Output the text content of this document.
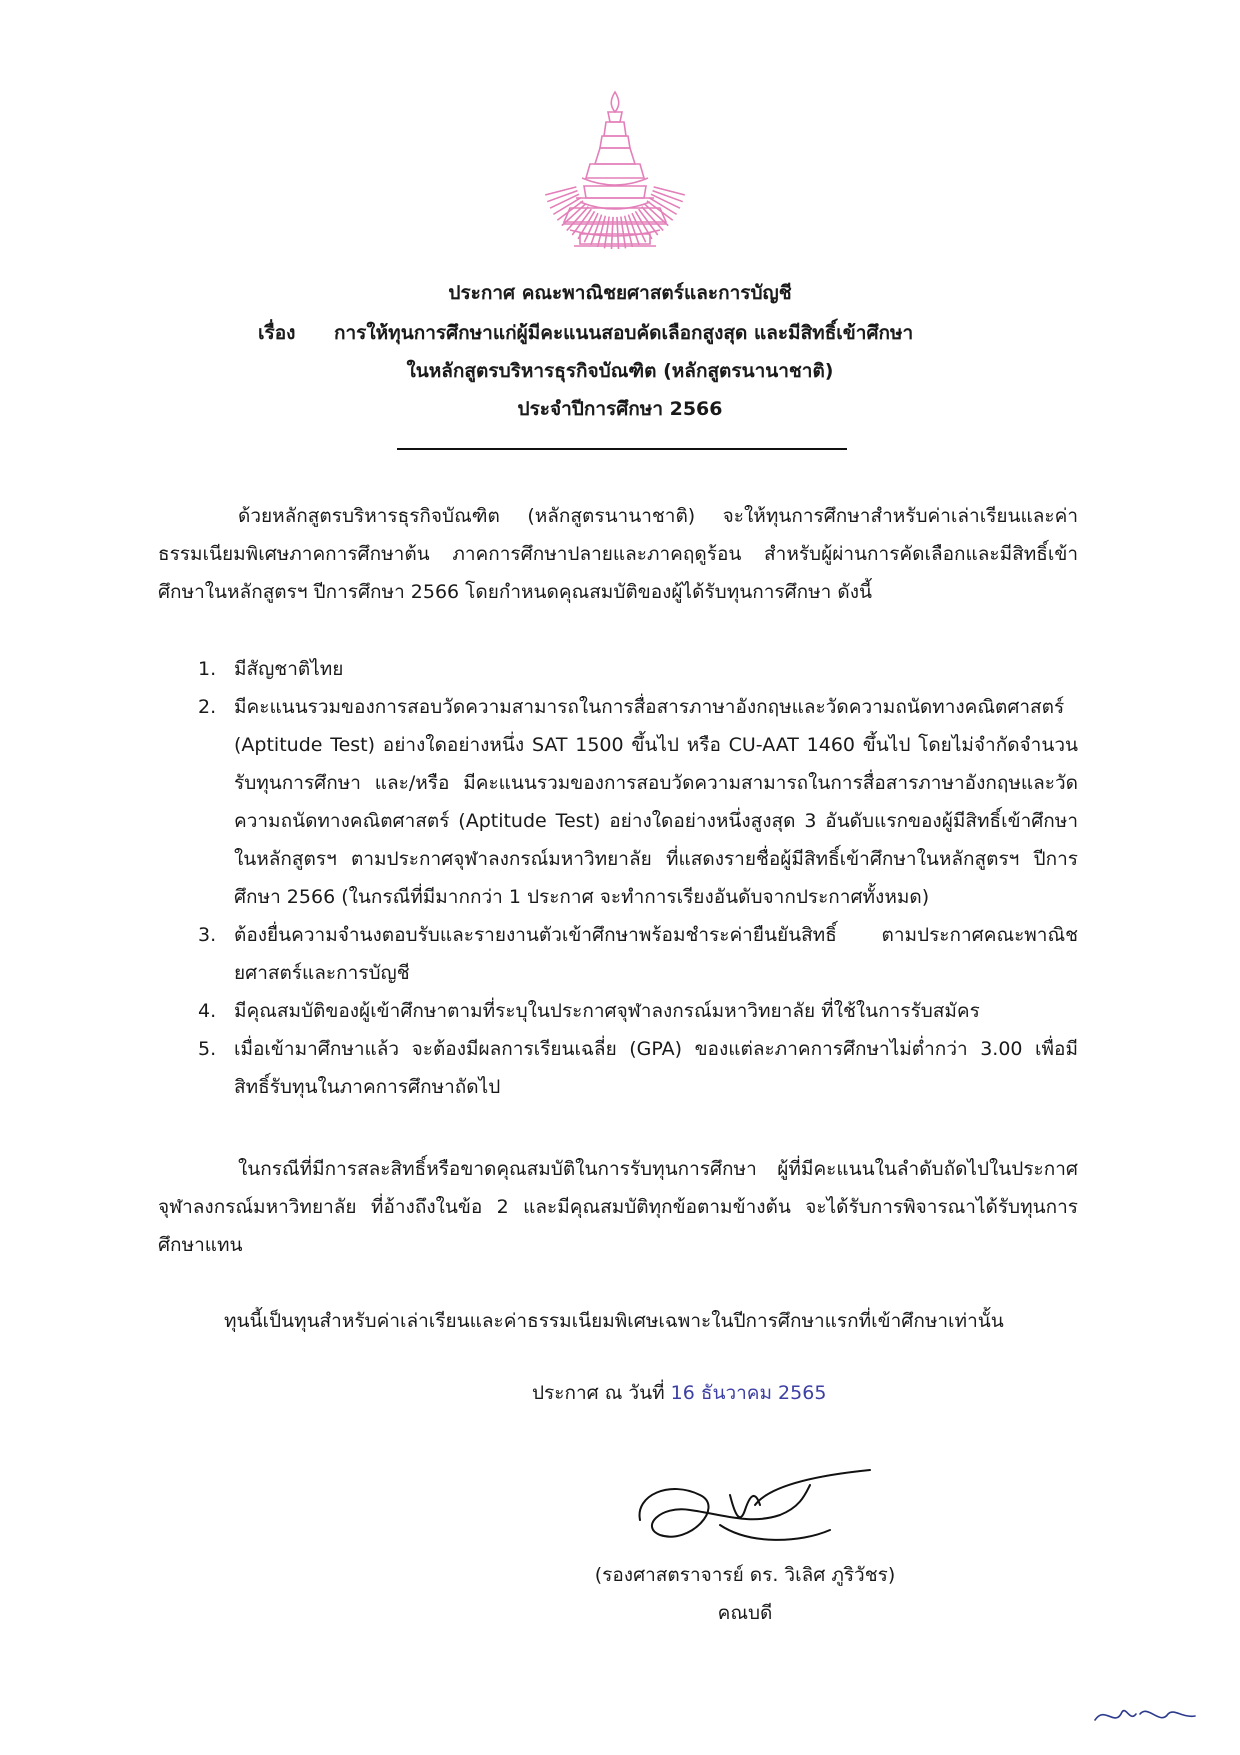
ประกาศ คณะพาณิชยศาสตร์และการบัญชี
เรื่อง การให้ทุนการศึกษาแก่ผู้มีคะแนนสอบคัดเลือกสูงสุด และมีสิทธิ์เข้าศึกษา
ในหลักสูตรบริหารธุรกิจบัณฑิต (หลักสูตรนานาชาติ)
ประจำปีการศึกษา 2566

ด้วยหลักสูตรบริหารธุรกิจบัณฑิต (หลักสูตรนานาชาติ) จะให้ทุนการศึกษาสำหรับค่าเล่าเรียนและค่าธรรมเนียมพิเศษภาคการศึกษาต้น ภาคการศึกษาปลายและภาคฤดูร้อน สำหรับผู้ผ่านการคัดเลือกและมีสิทธิ์เข้าศึกษาในหลักสูตรฯ ปีการศึกษา 2566 โดยกำหนดคุณสมบัติของผู้ได้รับทุนการศึกษา ดังนี้

1. มีสัญชาติไทย
2. มีคะแนนรวมของการสอบวัดความสามารถในการสื่อสารภาษาอังกฤษและวัดความถนัดทางคณิตศาสตร์ (Aptitude Test) อย่างใดอย่างหนึ่ง SAT 1500 ขึ้นไป หรือ CU-AAT 1460 ขึ้นไป โดยไม่จำกัดจำนวนรับทุนการศึกษา และ/หรือ มีคะแนนรวมของการสอบวัดความสามารถในการสื่อสารภาษาอังกฤษและวัดความถนัดทางคณิตศาสตร์ (Aptitude Test) อย่างใดอย่างหนึ่งสูงสุด 3 อันดับแรกของผู้มีสิทธิ์เข้าศึกษาในหลักสูตรฯ ตามประกาศจุฬาลงกรณ์มหาวิทยาลัย ที่แสดงรายชื่อผู้มีสิทธิ์เข้าศึกษาในหลักสูตรฯ ปีการศึกษา 2566 (ในกรณีที่มีมากกว่า 1 ประกาศ จะทำการเรียงอันดับจากประกาศทั้งหมด)
3. ต้องยื่นความจำนงตอบรับและรายงานตัวเข้าศึกษาพร้อมชำระค่ายืนยันสิทธิ์ ตามประกาศคณะพาณิชยศาสตร์และการบัญชี
4. มีคุณสมบัติของผู้เข้าศึกษาตามที่ระบุในประกาศจุฬาลงกรณ์มหาวิทยาลัย ที่ใช้ในการรับสมัคร
5. เมื่อเข้ามาศึกษาแล้ว จะต้องมีผลการเรียนเฉลี่ย (GPA) ของแต่ละภาคการศึกษาไม่ต่ำกว่า 3.00 เพื่อมีสิทธิ์รับทุนในภาคการศึกษาถัดไป

ในกรณีที่มีการสละสิทธิ์หรือขาดคุณสมบัติในการรับทุนการศึกษา ผู้ที่มีคะแนนในลำดับถัดไปในประกาศจุฬาลงกรณ์มหาวิทยาลัย ที่อ้างถึงในข้อ 2 และมีคุณสมบัติทุกข้อตามข้างต้น จะได้รับการพิจารณาได้รับทุนการศึกษาแทน

ทุนนี้เป็นทุนสำหรับค่าเล่าเรียนและค่าธรรมเนียมพิเศษเฉพาะในปีการศึกษาแรกที่เข้าศึกษาเท่านั้น

ประกาศ ณ วันที่ 16 ธันวาคม 2565
(รองศาสตราจารย์ ดร. วิเลิศ ภูริวัชร)
คณบดี
